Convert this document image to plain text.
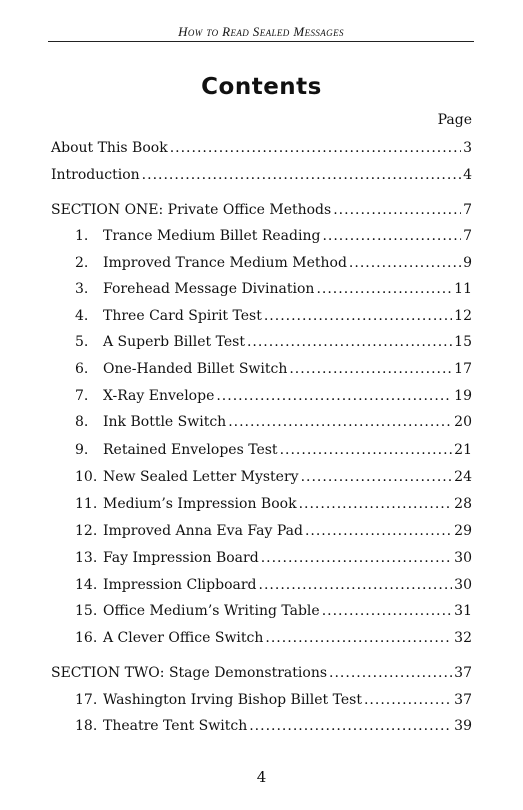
How to Read Sealed Messages
Contents
Page
About This Book .....	3
Introduction .....	4
SECTION ONE: Private Office Methods .....	7
1.	Trance Medium Billet Reading .....	7
2.	Improved Trance Medium Method .....	9
3.	Forehead Message Divination .....	11
4.	Three Card Spirit Test .....	12
5.	A Superb Billet Test .....	15
6.	One-Handed Billet Switch .....	17
7.	X-Ray Envelope .....	19
8.	Ink Bottle Switch .....	20
9.	Retained Envelopes Test .....	21
10. New Sealed Letter Mystery .....	24
11. Medium’s Impression Book .....	28
12. Improved Anna Eva Fay Pad .....	29
13. Fay Impression Board .....	30
14. Impression Clipboard .....	30
15. Office Medium’s Writing Table .....	31
16. A Clever Office Switch .....	32
SECTION TWO: Stage Demonstrations .....	37
17. Washington Irving Bishop Billet Test .....	37
18. Theatre Tent Switch .....	39
4
